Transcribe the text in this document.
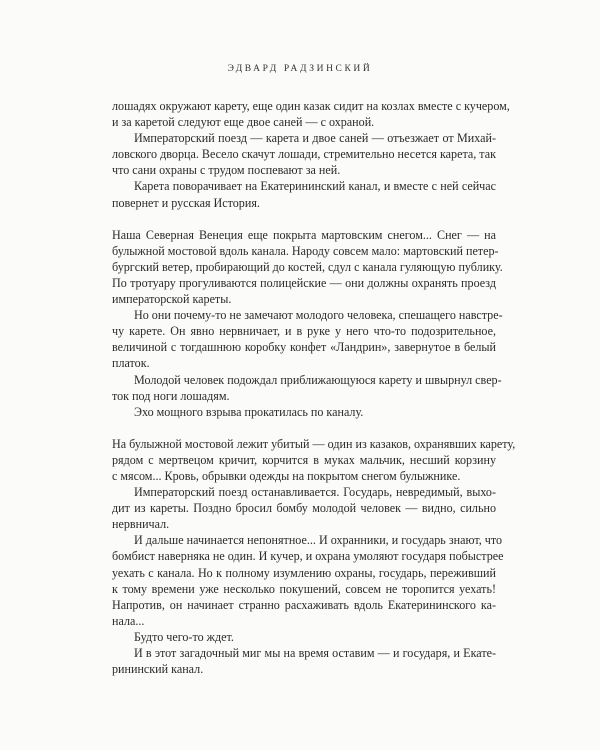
ЭДВАРД РАДЗИНСКИЙ
лошадях окружают карету, еще один казак сидит на козлах вместе с кучером,
и за каретой следуют еще двое саней — с охраной.
Императорский поезд — карета и двое саней — отъезжает от Михай-
ловского дворца. Весело скачут лошади, стремительно несется карета, так
что сани охраны с трудом поспевают за ней.
Карета поворачивает на Екатерининский канал, и вместе с ней сейчас
повернет и русская История.
Наша Северная Венеция еще покрыта мартовским снегом... Снег — на
булыжной мостовой вдоль канала. Народу совсем мало: мартовский петер-
бургский ветер, пробирающий до костей, сдул с канала гуляющую публику.
По тротуару прогуливаются полицейские — они должны охранять проезд
императорской кареты.
Но они почему-то не замечают молодого человека, спешащего навстре-
чу карете. Он явно нервничает, и в руке у него что-то подозрительное,
величиной с тогдашнюю коробку конфет «Ландрин», завернутое в белый
платок.
Молодой человек подождал приближающуюся карету и швырнул свер-
ток под ноги лошадям.
Эхо мощного взрыва прокатилась по каналу.
На булыжной мостовой лежит убитый — один из казаков, охранявших карету,
рядом с мертвецом кричит, корчится в муках мальчик, несший корзину
с мясом... Кровь, обрывки одежды на покрытом снегом булыжнике.
Императорский поезд останавливается. Государь, невредимый, выхо-
дит из кареты. Поздно бросил бомбу молодой человек — видно, сильно
нервничал.
И дальше начинается непонятное... И охранники, и государь знают, что
бомбист наверняка не один. И кучер, и охрана умоляют государя побыстрее
уехать с канала. Но к полному изумлению охраны, государь, переживший
к тому времени уже несколько покушений, совсем не торопится уехать!
Напротив, он начинает странно расхаживать вдоль Екатерининского ка-
нала...
Будто чего-то ждет.
И в этот загадочный миг мы на время оставим — и государя, и Екате-
рининский канал.
